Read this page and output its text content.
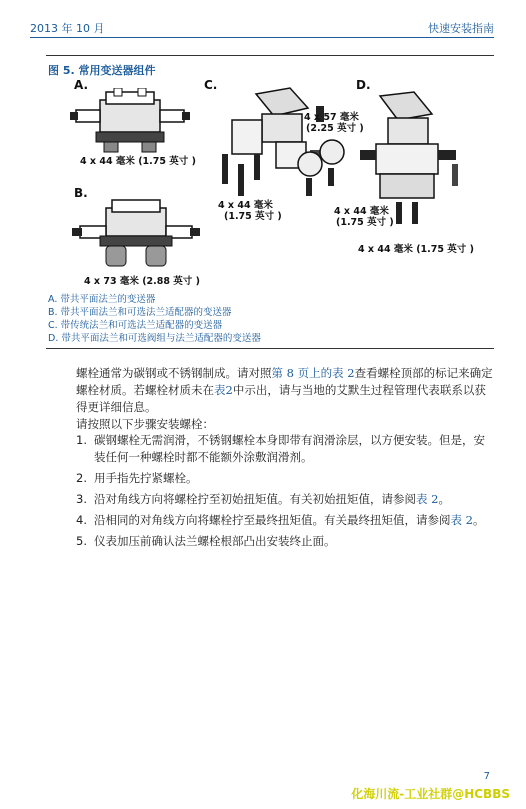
2013 年 10 月	快速安装指南
图 5. 常用变送器组件
A.
4 x 44 毫米 (1.75 英寸 )
B.
4 x 73 毫米 (2.88 英寸 )
C.
4 x 44 毫米
(1.75 英寸 )
4 x 57 毫米
(2.25 英寸 )
D.
4 x 44 毫米
(1.75 英寸 )
4 x 44 毫米 (1.75 英寸 )
A. 带共平面法兰的变送器
B. 带共平面法兰和可选法兰适配器的变送器
C. 带传统法兰和可选法兰适配器的变送器
D. 带共平面法兰和可选阀组与法兰适配器的变送器
螺栓通常为碳钢或不锈钢制成。请对照第 8 页上的表 2查看螺栓顶部的标记来确定螺栓材质。若螺栓材质未在表2中示出，请与当地的艾默生过程管理代表联系以获得更详细信息。
请按照以下步骤安装螺栓：
1. 碳钢螺栓无需润滑，不锈钢螺栓本身即带有润滑涂层，以方便安装。但是，安装任何一种螺栓时都不能额外涂敷润滑剂。
2. 用手指先拧紧螺栓。
3. 沿对角线方向将螺栓拧至初始扭矩值。有关初始扭矩值，请参阅表 2。
4. 沿相同的对角线方向将螺栓拧至最终扭矩值。有关最终扭矩值，请参阅表 2。
5. 仪表加压前确认法兰螺栓根部凸出安装终止面。
7
化海川流-工业社群@HCBBS
